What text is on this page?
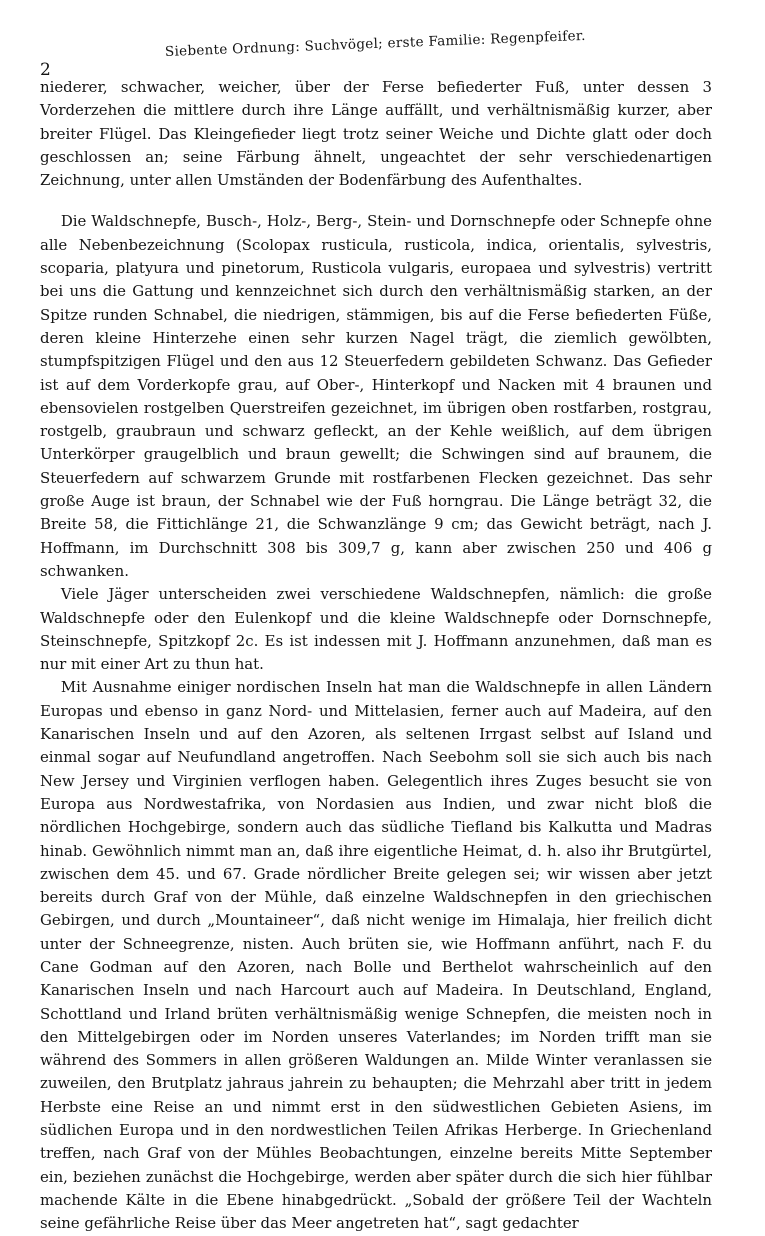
2
Siebente Ordnung: Suchvögel; erste Familie: Regenpfeifer.

niederer, schwacher, weicher, über der Ferse befiederter Fuß, unter dessen 3 Vorderzehen die mittlere durch ihre Länge auffällt, und verhältnismäßig kurzer, aber breiter Flügel. Das Kleingefieder liegt trotz seiner Weiche und Dichte glatt oder doch geschlossen an; seine Färbung ähnelt, ungeachtet der sehr verschiedenartigen Zeichnung, unter allen Umständen der Bodenfärbung des Aufenthaltes.

Die Waldschnepfe, Busch-, Holz-, Berg-, Stein- und Dornschnepfe oder Schnepfe ohne alle Nebenbezeichnung (Scolopax rusticula, rusticola, indica, orientalis, sylvestris, scoparia, platyura und pinetorum, Rusticola vulgaris, europaea und sylvestris) vertritt bei uns die Gattung und kennzeichnet sich durch den verhältnismäßig starken, an der Spitze runden Schnabel, die niedrigen, stämmigen, bis auf die Ferse befiederten Füße, deren kleine Hinterzehe einen sehr kurzen Nagel trägt, die ziemlich gewölbten, stumpfspitzigen Flügel und den aus 12 Steuerfedern gebildeten Schwanz. Das Gefieder ist auf dem Vorderkopfe grau, auf Ober-, Hinterkopf und Nacken mit 4 braunen und ebensovielen rostgelben Querstreifen gezeichnet, im übrigen oben rostfarben, rostgrau, rostgelb, graubraun und schwarz gefleckt, an der Kehle weißlich, auf dem übrigen Unterkörper graugelblich und braun gewellt; die Schwingen sind auf braunem, die Steuerfedern auf schwarzem Grunde mit rostfarbenen Flecken gezeichnet. Das sehr große Auge ist braun, der Schnabel wie der Fuß horngrau. Die Länge beträgt 32, die Breite 58, die Fittichlänge 21, die Schwanzlänge 9 cm; das Gewicht beträgt, nach J. Hoffmann, im Durchschnitt 308 bis 309,7 g, kann aber zwischen 250 und 406 g schwanken.

Viele Jäger unterscheiden zwei verschiedene Waldschnepfen, nämlich: die große Waldschnepfe oder den Eulenkopf und die kleine Waldschnepfe oder Dornschnepfe, Steinschnepfe, Spitzkopf 2c. Es ist indessen mit J. Hoffmann anzunehmen, daß man es nur mit einer Art zu thun hat.

Mit Ausnahme einiger nordischen Inseln hat man die Waldschnepfe in allen Ländern Europas und ebenso in ganz Nord- und Mittelasien, ferner auch auf Madeira, auf den Kanarischen Inseln und auf den Azoren, als seltenen Irrgast selbst auf Island und einmal sogar auf Neufundland angetroffen. Nach Seebohm soll sie sich auch bis nach New Jersey und Virginien verflogen haben. Gelegentlich ihres Zuges besucht sie von Europa aus Nordwestafrika, von Nordasien aus Indien, und zwar nicht bloß die nördlichen Hochgebirge, sondern auch das südliche Tiefland bis Kalkutta und Madras hinab. Gewöhnlich nimmt man an, daß ihre eigentliche Heimat, d. h. also ihr Brutgürtel, zwischen dem 45. und 67. Grade nördlicher Breite gelegen sei; wir wissen aber jetzt bereits durch Graf von der Mühle, daß einzelne Waldschnepfen in den griechischen Gebirgen, und durch „Mountaineer“, daß nicht wenige im Himalaja, hier freilich dicht unter der Schneegrenze, nisten. Auch brüten sie, wie Hoffmann anführt, nach F. du Cane Godman auf den Azoren, nach Bolle und Berthelot wahrscheinlich auf den Kanarischen Inseln und nach Harcourt auch auf Madeira. In Deutschland, England, Schottland und Irland brüten verhältnismäßig wenige Schnepfen, die meisten noch in den Mittelgebirgen oder im Norden unseres Vaterlandes; im Norden trifft man sie während des Sommers in allen größeren Waldungen an. Milde Winter veranlassen sie zuweilen, den Brutplatz jahraus jahrein zu behaupten; die Mehrzahl aber tritt in jedem Herbste eine Reise an und nimmt erst in den südwestlichen Gebieten Asiens, im südlichen Europa und in den nordwestlichen Teilen Afrikas Herberge. In Griechenland treffen, nach Graf von der Mühles Beobachtungen, einzelne bereits Mitte September ein, beziehen zunächst die Hochgebirge, werden aber später durch die sich hier fühlbar machende Kälte in die Ebene hinabgedrückt. „Sobald der größere Teil der Wachteln seine gefährliche Reise über das Meer angetreten hat“, sagt gedachter
